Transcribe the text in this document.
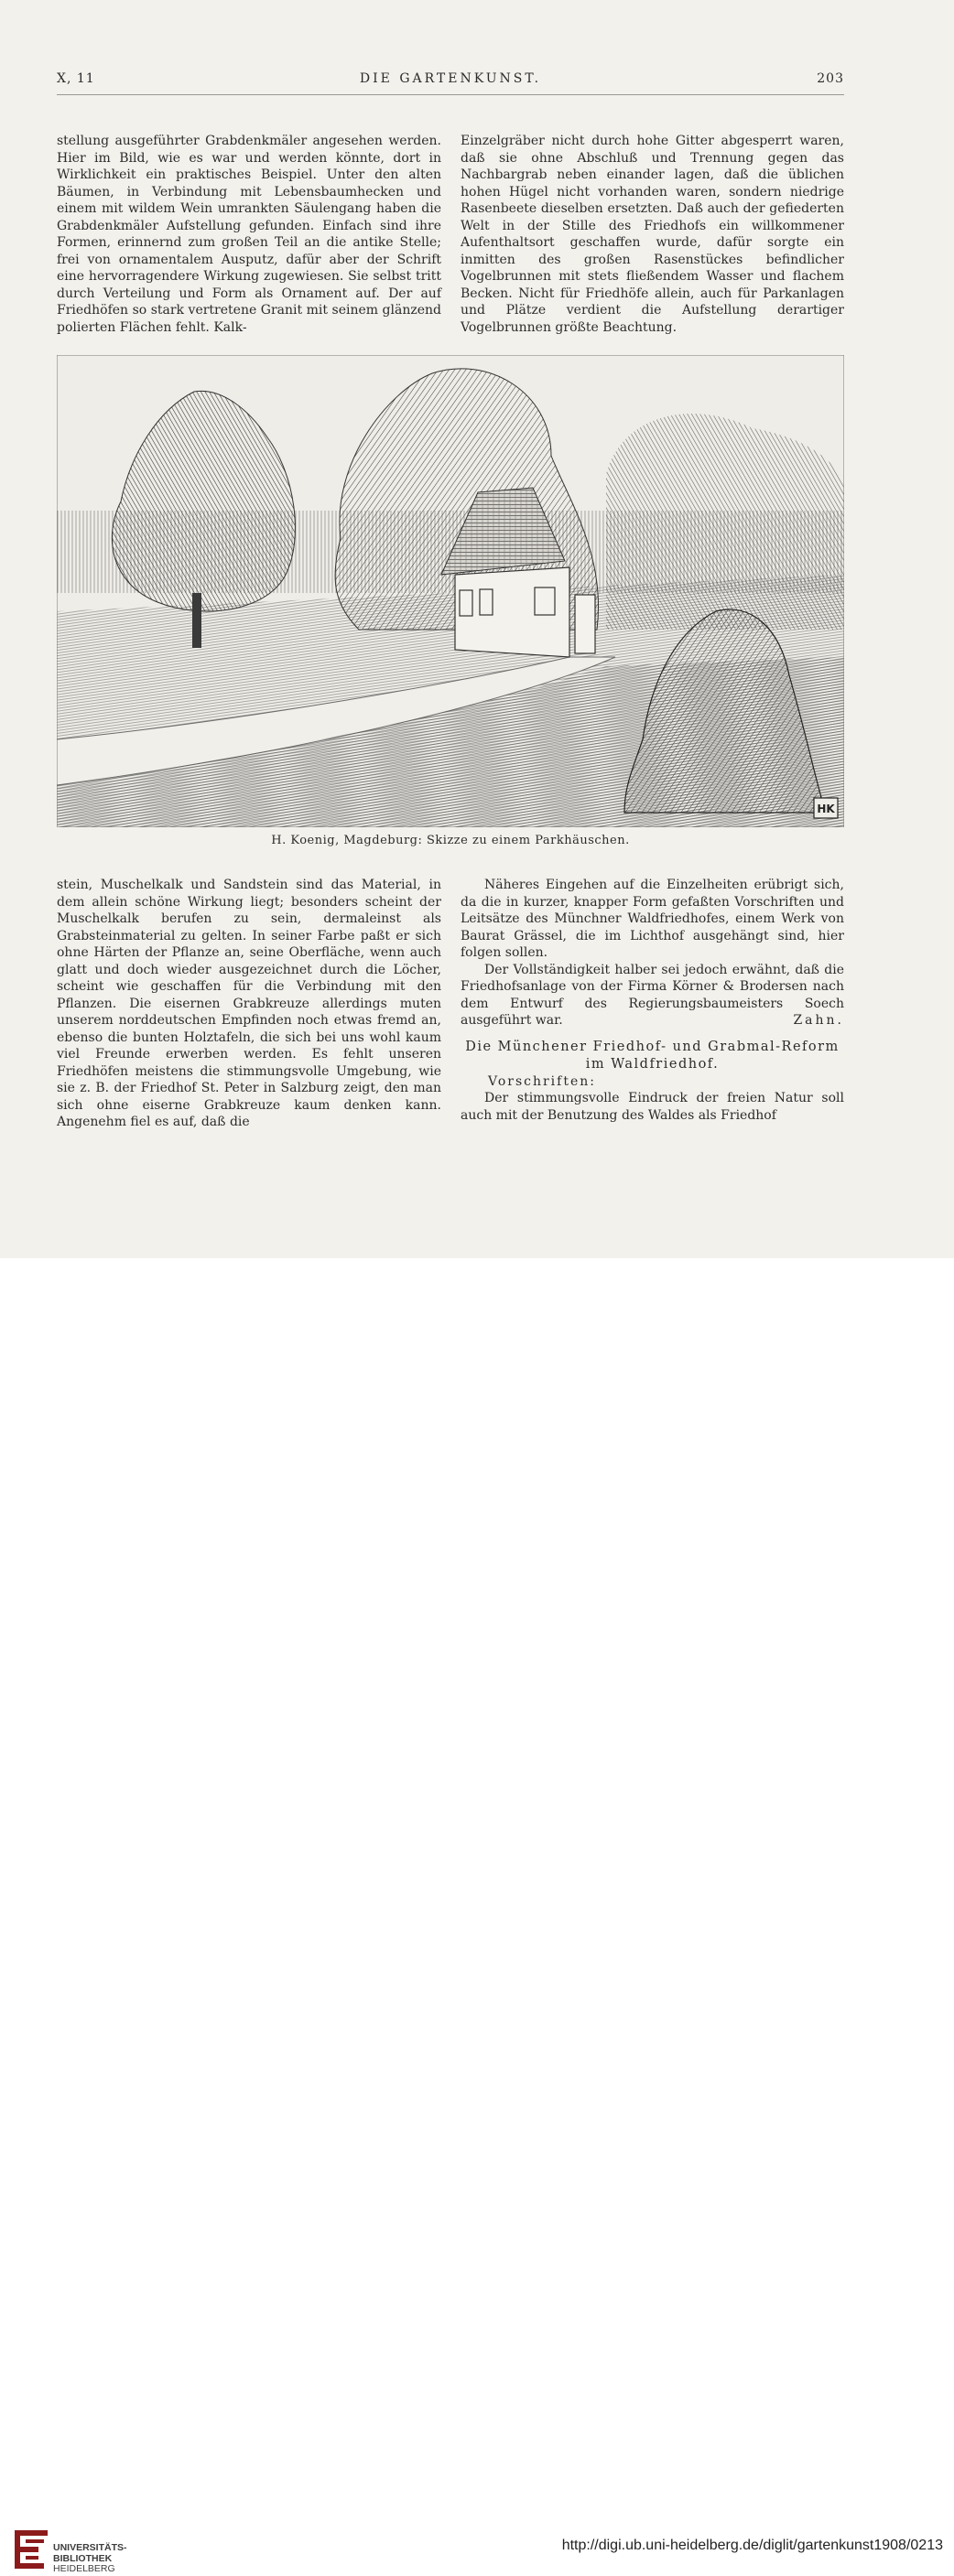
X, 11	DIE GARTENKUNST.	203

stellung ausgeführter Grabdenkmäler angesehen werden. Hier im Bild, wie es war und werden könnte, dort in Wirklichkeit ein praktisches Beispiel. Unter den alten Bäumen, in Verbindung mit Lebensbaumhecken und einem mit wildem Wein umrankten Säulengang haben die Grabdenkmäler Aufstellung gefunden. Einfach sind ihre Formen, erinnernd zum großen Teil an die antike Stelle; frei von ornamentalem Ausputz, dafür aber der Schrift eine hervorragendere Wirkung zugewiesen. Sie selbst tritt durch Verteilung und Form als Ornament auf. Der auf Friedhöfen so stark vertretene Granit mit seinem glänzend polierten Flächen fehlt. Kalk-

Einzelgräber nicht durch hohe Gitter abgesperrt waren, daß sie ohne Abschluß und Trennung gegen das Nachbargrab neben einander lagen, daß die üblichen hohen Hügel nicht vorhanden waren, sondern niedrige Rasenbeete dieselben ersetzten. Daß auch der gefiederten Welt in der Stille des Friedhofs ein willkommener Aufenthaltsort geschaffen wurde, dafür sorgte ein inmitten des großen Rasenstückes befindlicher Vogelbrunnen mit stets fließendem Wasser und flachem Becken. Nicht für Friedhöfe allein, auch für Parkanlagen und Plätze verdient die Aufstellung derartiger Vogelbrunnen größte Beachtung.

HK
H. Koenig, Magdeburg: Skizze zu einem Parkhäuschen.

stein, Muschelkalk und Sandstein sind das Material, in dem allein schöne Wirkung liegt; besonders scheint der Muschelkalk berufen zu sein, dermaleinst als Grabsteinmaterial zu gelten. In seiner Farbe paßt er sich ohne Härten der Pflanze an, seine Oberfläche, wenn auch glatt und doch wieder ausgezeichnet durch die Löcher, scheint wie geschaffen für die Verbindung mit den Pflanzen. Die eisernen Grabkreuze allerdings muten unserem norddeutschen Empfinden noch etwas fremd an, ebenso die bunten Holztafeln, die sich bei uns wohl kaum viel Freunde erwerben werden. Es fehlt unseren Friedhöfen meistens die stimmungsvolle Umgebung, wie sie z. B. der Friedhof St. Peter in Salzburg zeigt, den man sich ohne eiserne Grabkreuze kaum denken kann. Angenehm fiel es auf, daß die

Näheres Eingehen auf die Einzelheiten erübrigt sich, da die in kurzer, knapper Form gefaßten Vorschriften und Leitsätze des Münchner Waldfriedhofes, einem Werk von Baurat Grässel, die im Lichthof ausgehängt sind, hier folgen sollen.

Der Vollständigkeit halber sei jedoch erwähnt, daß die Friedhofsanlage von der Firma Körner & Brodersen nach dem Entwurf des Regierungsbaumeisters Soech ausgeführt war.	Zahn.

Die Münchener Friedhof- und Grabmal-Reform
im Waldfriedhof.

Vorschriften:

Der stimmungsvolle Eindruck der freien Natur soll auch mit der Benutzung des Waldes als Friedhof

UNIVERSITÄTS-
BIBLIOTHEK
HEIDELBERG
http://digi.ub.uni-heidelberg.de/diglit/gartenkunst1908/0213
